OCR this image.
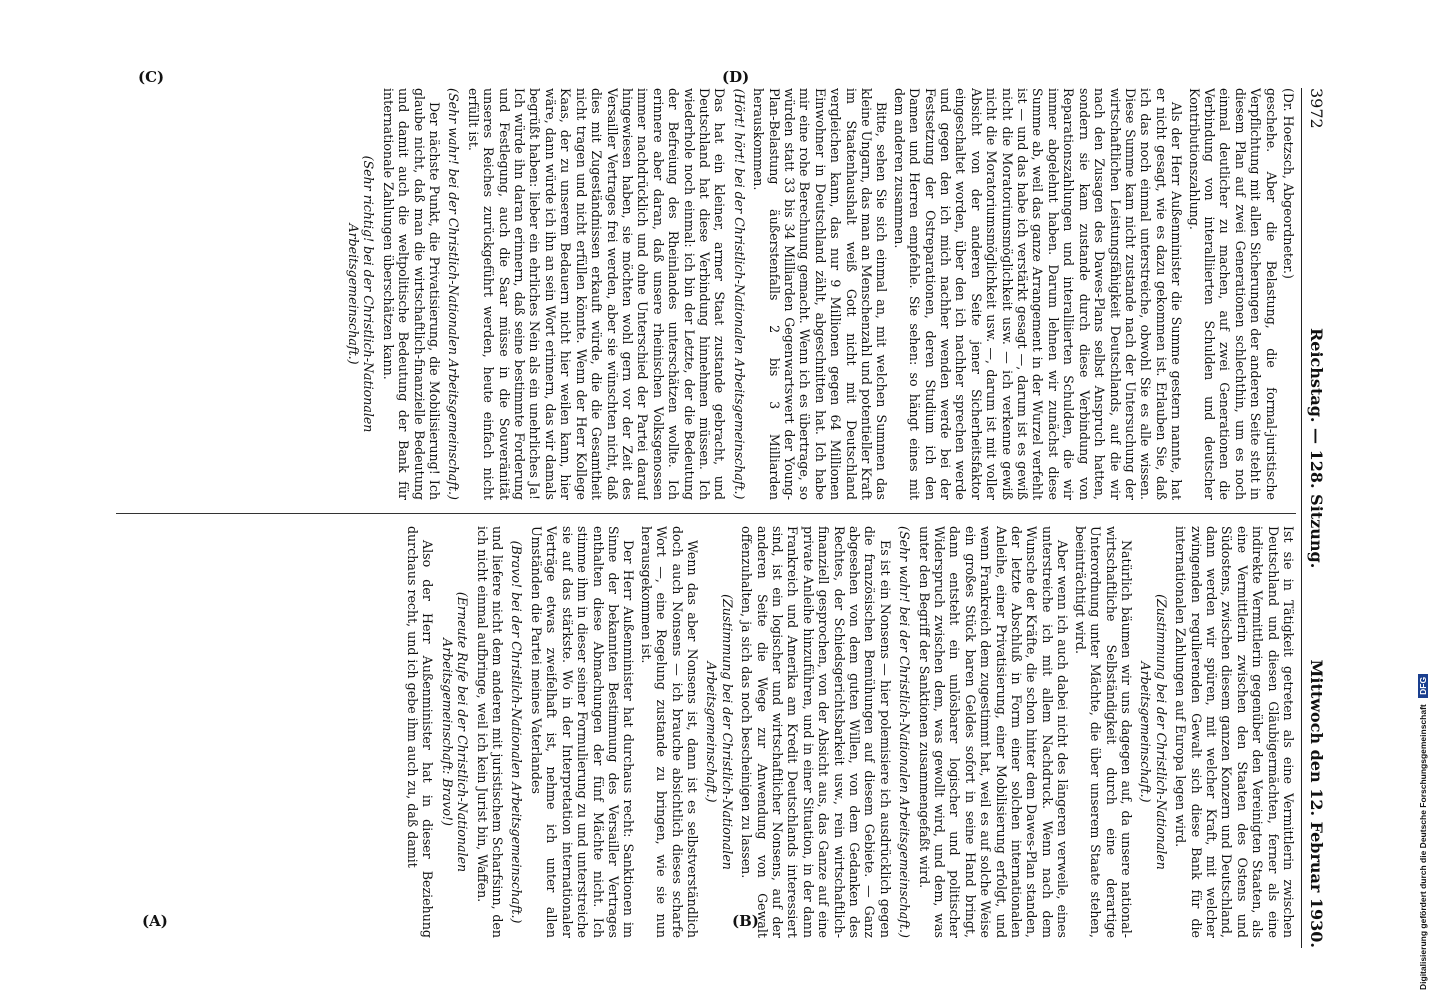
3972
Reichstag. — 128. Sitzung.
Mittwoch den 12. Februar 1930.

(Dr. Hoetzsch, Abgeordneter.)

geschehe. Aber die Belastung, die formal-juristische Verpflichtung mit allen Sicherungen der anderen Seite steht in diesem Plan auf zwei Generationen schlechthin, um es noch einmal deutlicher zu machen, auf zwei Generationen die Verbindung von interalliierten Schulden und deutscher Kontributionszahlung.

Als der Herr Außenminister die Summe gestern nannte, hat er nicht gesagt, wie es dazu gekommen ist. Erlauben Sie, daß ich das noch einmal unterstreiche, obwohl Sie es alle wissen. Diese Summe kam nicht zustande nach der Untersuchung der wirtschaftlichen Leistungsfähigkeit Deutschlands, auf die wir nach den Zusagen des Dawes-Plans selbst Anspruch hatten, sondern sie kam zustande durch diese Verbindung von Reparationszahlungen und interalliierten Schulden, die wir immer abgelehnt haben. Darum lehnen wir zunächst diese Summe ab, weil das ganze Arrangement in der Wurzel verfehlt ist — und das habe ich verstärkt gesagt —, darum ist es gewiß nicht die Moratoriumsmöglichkeit usw. — ich verkenne gewiß nicht die Moratoriumsmöglichkeit usw. —, darum ist mit voller Absicht von der anderen Seite jener Sicherheitsfaktor eingeschaltet worden, über den ich nachher sprechen werde und gegen den ich mich nachher wenden werde bei der Festsetzung der Ostreparationen, deren Studium ich den Damen und Herren empfehle. Sie sehen: so hängt eines mit dem anderen zusammen.

Bitte, sehen Sie sich einmal an, mit welchen Summen das kleine Ungarn, das man an Menschenzahl und potentieller Kraft im Staatenhaushalt weiß Gott nicht mit Deutschland vergleichen kann, das nur 9 Millionen gegen 64 Millionen Einwohner in Deutschland zählt, abgeschnitten hat. Ich habe mir eine rohe Berechnung gemacht. Wenn ich es übertrage, so würden statt 33 bis 34 Milliarden Gegenwartswert der Young-Plan-Belastung äußerstenfalls 2 bis 3 Milliarden herauskommen.

(Hört! hört! bei der Christlich-Nationalen Arbeitsgemeinschaft.)

Das hat ein kleiner, armer Staat zustande gebracht, und Deutschland hat diese Verbindung hinnehmen müssen. Ich wiederhole noch einmal: ich bin der Letzte, der die Bedeutung der Befreiung des Rheinlandes unterschätzen wollte. Ich erinnere aber daran, daß unsere rheinischen Volksgenossen immer nachdrücklich und ohne Unterschied der Partei darauf hingewiesen haben, sie möchten wohl gern vor der Zeit des Versailler Vertrages frei werden, aber sie wünschten nicht, daß dies mit Zugeständnissen erkauft würde, die die Gesamtheit nicht tragen und nicht erfüllen könnte. Wenn der Herr Kollege Kaas, der zu unserem Bedauern nicht hier weilen kann, hier wäre, dann würde ich ihn an sein Wort erinnern, das wir damals begrüßt haben: lieber ein ehrliches Nein als ein unehrliches Ja! Ich würde ihn daran erinnern, daß seine bestimmte Forderung und Festlegung, auch die Saar müsse in die Souveränität unseres Reiches zurückgeführt werden, heute einfach nicht erfüllt ist.

(Sehr wahr! bei der Christlich-Nationalen Arbeitsgemeinschaft.)

Der nächste Punkt, die Privatisierung, die Mobilisierung! Ich glaube nicht, daß man die wirtschaftlich-finanzielle Bedeutung und damit auch die weltpolitische Bedeutung der Bank für internationale Zahlungen überschätzen kann.

(Sehr richtig! bei der Christlich-Nationalen Arbeitsgemeinschaft.)

Ist sie in Tätigkeit getreten als eine Vermittlerin zwischen Deutschland und diesen Gläubigermächten, ferner als eine indirekte Vermittlerin gegenüber den Vereinigten Staaten, als eine Vermittlerin zwischen den Staaten des Ostens und Südostens, zwischen diesem ganzen Konzern und Deutschland, dann werden wir spüren, mit welcher Kraft, mit welcher zwingenden regulierenden Gewalt sich diese Bank für die internationalen Zahlungen auf Europa legen wird.

(Zustimmung bei der Christlich-Nationalen Arbeitsgemeinschaft.)

Natürlich bäumen wir uns dagegen auf, da unsere national-wirtschaftliche Selbständigkeit durch eine derartige Unterordnung unter Mächte, die über unserem Staate stehen, beeinträchtigt wird.

Aber wenn ich auch dabei nicht des längeren verweile, eines unterstreiche ich mit allem Nachdruck. Wenn nach dem Wunsche der Kräfte, die schon hinter dem Dawes-Plan standen, der letzte Abschluß in Form einer solchen internationalen Anleihe, einer Privatisierung, einer Mobilisierung erfolgt, und wenn Frankreich dem zugestimmt hat, weil es auf solche Weise ein großes Stück baren Geldes sofort in seine Hand bringt, dann entsteht ein unlösbarer logischer und politischer Widerspruch zwischen dem, was gewollt wird, und dem, was unter den Begriff der Sanktionen zusammengefaßt wird.

(Sehr wahr! bei der Christlich-Nationalen Arbeitsgemeinschaft.)

Es ist ein Nonsens — hier polemisiere ich ausdrücklich gegen die französischen Bemühungen auf diesem Gebiete. — Ganz abgesehen von dem guten Willen, von dem Gedanken des Rechtes, der Schiedsgerichtsbarkeit usw., rein wirtschaftlich-finanziell gesprochen, von der Absicht aus, das Ganze auf eine private Anleihe hinzuführen, und in einer Situation, in der dann Frankreich und Amerika am Kredit Deutschlands interessiert sind, ist ein logischer und wirtschaftlicher Nonsens, auf der anderen Seite die Wege zur Anwendung von Gewalt offenzuhalten, ja sich das noch bescheinigen zu lassen.

(Zustimmung bei der Christlich-Nationalen Arbeitsgemeinschaft.)

Wenn das aber Nonsens ist, dann ist es selbstverständlich doch auch Nonsens — ich brauche absichtlich dieses scharfe Wort —, eine Regelung zustande zu bringen, wie sie nun herausgekommen ist.

Der Herr Außenminister hat durchaus recht: Sanktionen im Sinne der bekannten Bestimmung des Versailler Vertrages enthalten diese Abmachungen der fünf Mächte nicht. Ich stimme ihm in dieser seiner Formulierung zu und unterstreiche sie auf das stärkste. Wo in der Interpretation internationaler Verträge etwas zweifelhaft ist, nehme ich unter allen Umständen die Partei meines Vaterlandes

(Bravo! bei der Christlich-Nationalen Arbeitsgemeinschaft.)

und liefere nicht dem anderen mit juristischem Scharfsinn, den ich nicht einmal aufbringe, weil ich kein Jurist bin, Waffen.

(Erneute Rufe bei der Christlich-Nationalen Arbeitsgemeinschaft: Bravo!)

Also der Herr Außenminister hat in dieser Beziehung durchaus recht, und ich gebe ihm auch zu, daß damit

(A)	(B)
(C)	(D)
Digitalisierung gefördert durch die Deutsche Forschungsgemeinschaft DFG
